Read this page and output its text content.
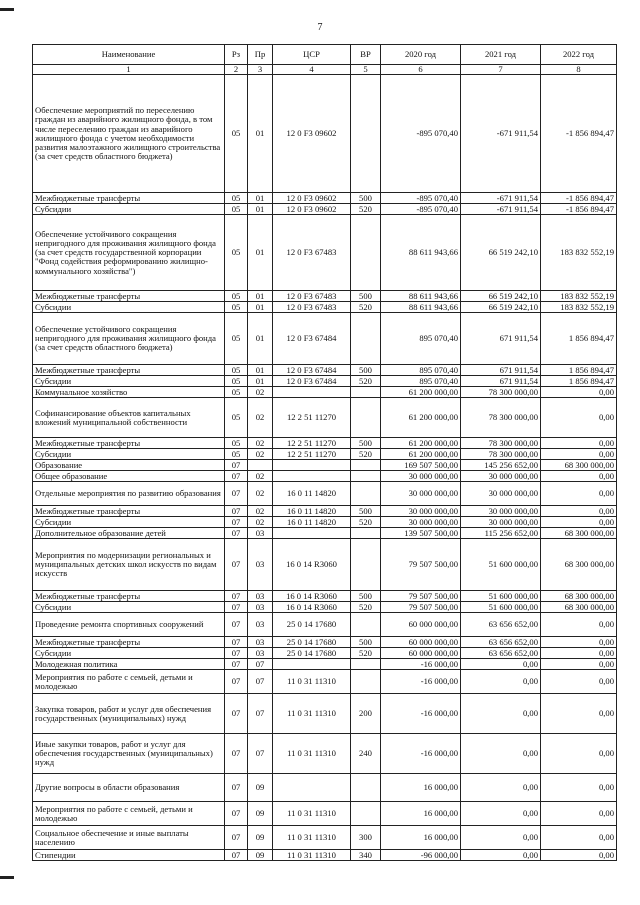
7
Наименование	Рз	Пр	ЦСР	ВР	2020 год	2021 год	2022 год
1	2	3	4	5	6	7	8
Обеспечение мероприятий по переселению граждан из аварийного жилищного фонда, в том числе переселению граждан из аварийного жилищного фонда с учетом необходимости развития малоэтажного жилищного строительства (за счет средств областного бюджета)	05	01	12 0 F3 09602		-895 070,40	-671 911,54	-1 856 894,47
Межбюджетные трансферты	05	01	12 0 F3 09602	500	-895 070,40	-671 911,54	-1 856 894,47
Субсидии	05	01	12 0 F3 09602	520	-895 070,40	-671 911,54	-1 856 894,47
Обеспечение устойчивого сокращения непригодного для проживания жилищного фонда (за счет средств государственной корпорации "Фонд содействия реформированию жилищно-коммунального хозяйства")	05	01	12 0 F3 67483		88 611 943,66	66 519 242,10	183 832 552,19
Межбюджетные трансферты	05	01	12 0 F3 67483	500	88 611 943,66	66 519 242,10	183 832 552,19
Субсидии	05	01	12 0 F3 67483	520	88 611 943,66	66 519 242,10	183 832 552,19
Обеспечение устойчивого сокращения непригодного для проживания жилищного фонда (за счет средств областного бюджета)	05	01	12 0 F3 67484		895 070,40	671 911,54	1 856 894,47
Межбюджетные трансферты	05	01	12 0 F3 67484	500	895 070,40	671 911,54	1 856 894,47
Субсидии	05	01	12 0 F3 67484	520	895 070,40	671 911,54	1 856 894,47
Коммунальное хозяйство	05	02			61 200 000,00	78 300 000,00	0,00
Софинансирование объектов капитальных вложений муниципальной собственности	05	02	12 2 51 11270		61 200 000,00	78 300 000,00	0,00
Межбюджетные трансферты	05	02	12 2 51 11270	500	61 200 000,00	78 300 000,00	0,00
Субсидии	05	02	12 2 51 11270	520	61 200 000,00	78 300 000,00	0,00
Образование	07				169 507 500,00	145 256 652,00	68 300 000,00
Общее образование	07	02			30 000 000,00	30 000 000,00	0,00
Отдельные мероприятия по развитию образования	07	02	16 0 11 14820		30 000 000,00	30 000 000,00	0,00
Межбюджетные трансферты	07	02	16 0 11 14820	500	30 000 000,00	30 000 000,00	0,00
Субсидии	07	02	16 0 11 14820	520	30 000 000,00	30 000 000,00	0,00
Дополнительное образование детей	07	03			139 507 500,00	115 256 652,00	68 300 000,00
Мероприятия по модернизации региональных и муниципальных детских школ искусств по видам искусств	07	03	16 0 14 R3060		79 507 500,00	51 600 000,00	68 300 000,00
Межбюджетные трансферты	07	03	16 0 14 R3060	500	79 507 500,00	51 600 000,00	68 300 000,00
Субсидии	07	03	16 0 14 R3060	520	79 507 500,00	51 600 000,00	68 300 000,00
Проведение ремонта спортивных сооружений	07	03	25 0 14 17680		60 000 000,00	63 656 652,00	0,00
Межбюджетные трансферты	07	03	25 0 14 17680	500	60 000 000,00	63 656 652,00	0,00
Субсидии	07	03	25 0 14 17680	520	60 000 000,00	63 656 652,00	0,00
Молодежная политика	07	07			-16 000,00	0,00	0,00
Мероприятия по работе с семьей, детьми и молодежью	07	07	11 0 31 11310		-16 000,00	0,00	0,00
Закупка товаров, работ и услуг для обеспечения государственных (муниципальных) нужд	07	07	11 0 31 11310	200	-16 000,00	0,00	0,00
Иные закупки товаров, работ и услуг для обеспечения государственных (муниципальных) нужд	07	07	11 0 31 11310	240	-16 000,00	0,00	0,00
Другие вопросы в области образования	07	09			16 000,00	0,00	0,00
Мероприятия по работе с семьей, детьми и молодежью	07	09	11 0 31 11310		16 000,00	0,00	0,00
Социальное обеспечение и иные выплаты населению	07	09	11 0 31 11310	300	16 000,00	0,00	0,00
Стипендии	07	09	11 0 31 11310	340	-96 000,00	0,00	0,00
